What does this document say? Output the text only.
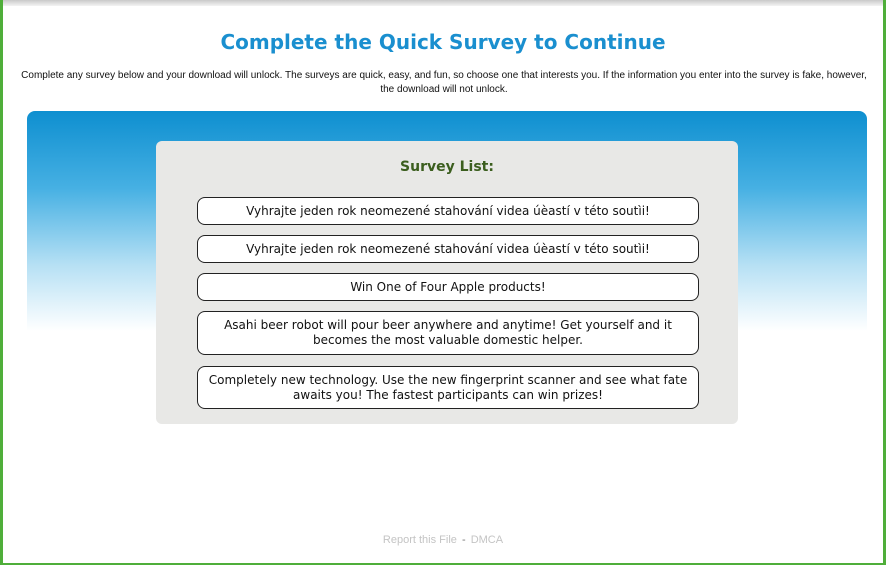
Complete the Quick Survey to Continue
Complete any survey below and your download will unlock. The surveys are quick, easy, and fun, so choose one that interests you. If the information you enter into the survey is fake, however, the download will not unlock.
Survey List:
Vyhrajte jeden rok neomezené stahování videa úèastí v této soutìi!
Vyhrajte jeden rok neomezené stahování videa úèastí v této soutìi!
Win One of Four Apple products!
Asahi beer robot will pour beer anywhere and anytime! Get yourself and it becomes the most valuable domestic helper.
Completely new technology. Use the new fingerprint scanner and see what fate awaits you! The fastest participants can win prizes!
Report this File - DMCA
